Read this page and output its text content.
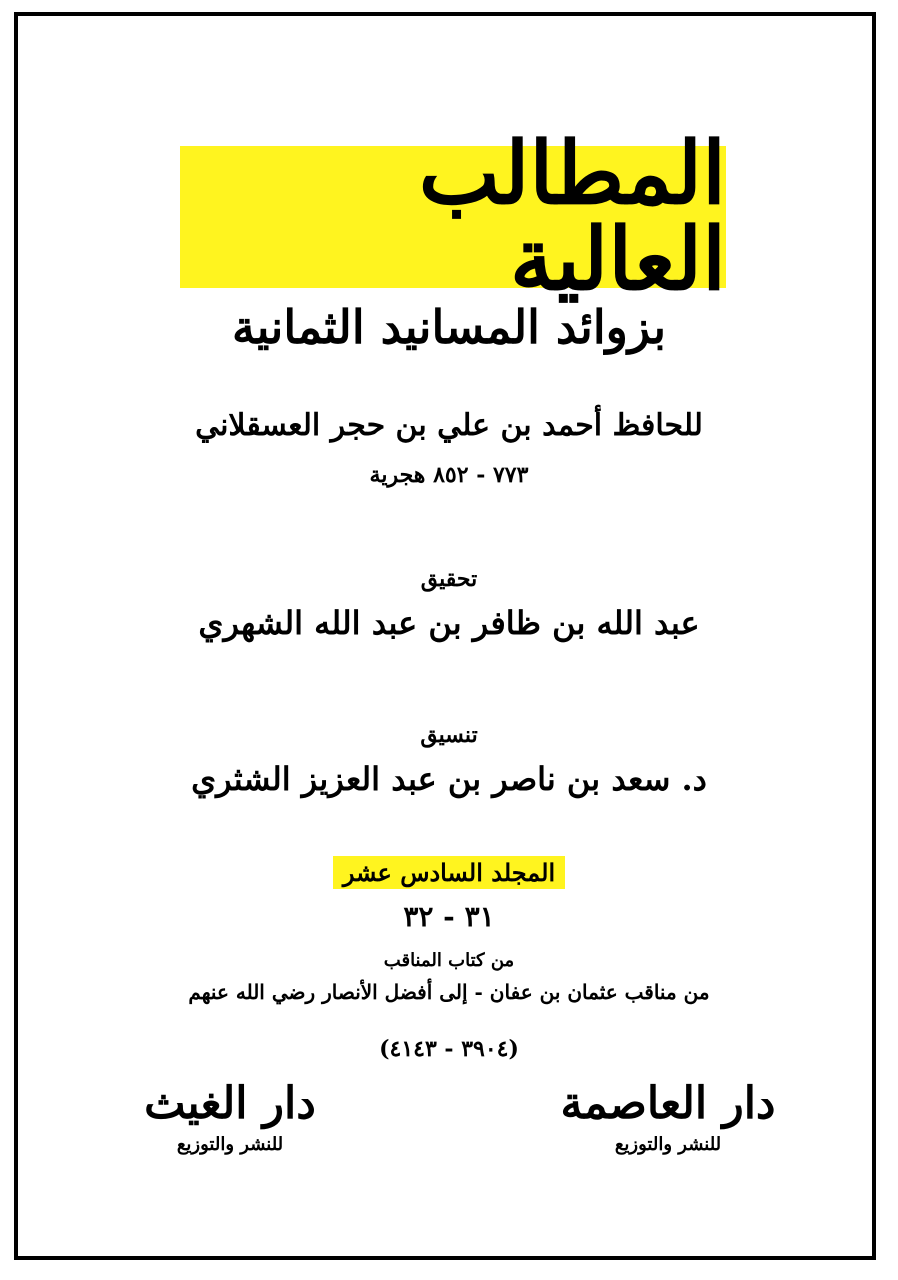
المطالب العالية
بزوائد المسانيد الثمانية
للحافظ أحمد بن علي بن حجر العسقلاني
٧٧٣ - ٨٥٢ هجرية
تحقيق
عبد الله بن ظافر بن عبد الله الشهري
تنسيق
د. سعد بن ناصر بن عبد العزيز الشثري
المجلد السادس عشر
٣١ - ٣٢
من كتاب المناقب
من مناقب عثمان بن عفان - إلى أفضل الأنصار رضي الله عنهم
(٣٩٠٤ - ٤١٤٣)
دار العاصمة
للنشر والتوزيع
دار الغيث
للنشر والتوزيع
